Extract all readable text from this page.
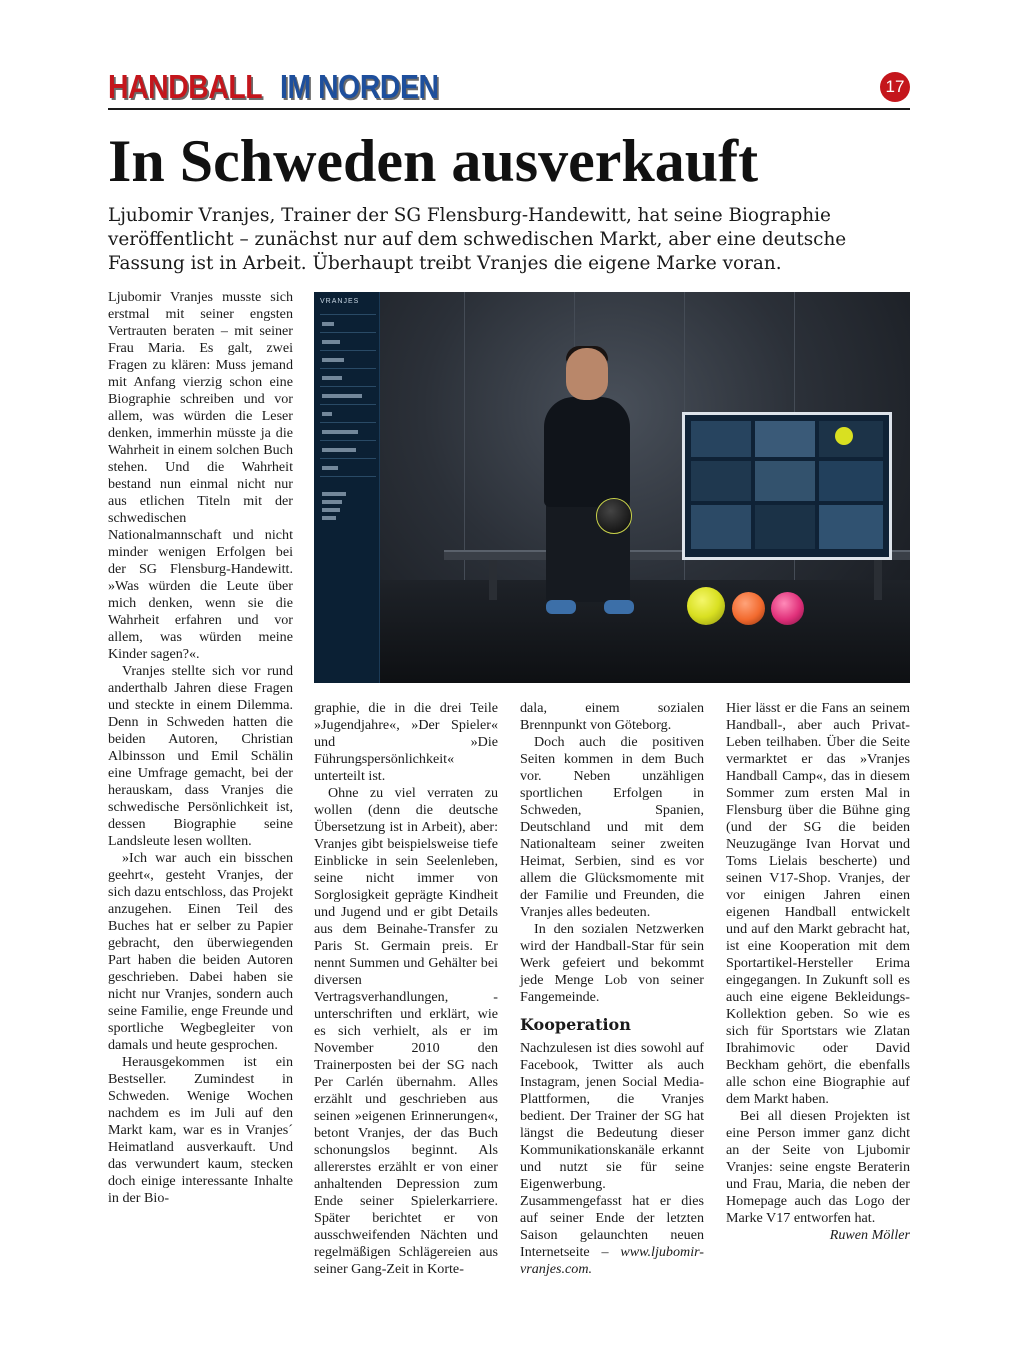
HANDBALL IM NORDEN	17
In Schweden ausverkauft

Ljubomir Vranjes, Trainer der SG Flensburg-Handewitt, hat seine Biographie veröffentlicht – zunächst nur auf dem schwedischen Markt, aber eine deutsche Fassung ist in Arbeit. Überhaupt treibt Vranjes die eigene Marke voran.

Ljubomir Vranjes musste sich erstmal mit seiner engsten Vertrauten beraten – mit seiner Frau Maria. Es galt, zwei Fragen zu klären: Muss jemand mit Anfang vierzig schon eine Biographie schreiben und vor allem, was würden die Leser denken, immerhin müsste ja die Wahrheit in einem solchen Buch stehen. Und die Wahrheit bestand nun einmal nicht nur aus etlichen Titeln mit der schwedischen Nationalmannschaft und nicht minder wenigen Erfolgen bei der SG Flensburg-Handewitt. »Was würden die Leute über mich denken, wenn sie die Wahrheit erfahren und vor allem, was würden meine Kinder sagen?«.

Vranjes stellte sich vor rund anderthalb Jahren diese Fragen und steckte in einem Dilemma. Denn in Schweden hatten die beiden Autoren, Christian Albinsson und Emil Schälin eine Umfrage gemacht, bei der herauskam, dass Vranjes die schwedische Persönlichkeit ist, dessen Biographie seine Landsleute lesen wollten.

»Ich war auch ein bisschen geehrt«, gesteht Vranjes, der sich dazu entschloss, das Projekt anzugehen. Einen Teil des Buches hat er selber zu Papier gebracht, den überwiegenden Part haben die beiden Autoren geschrieben. Dabei haben sie nicht nur Vranjes, sondern auch seine Familie, enge Freunde und sportliche Wegbegleiter von damals und heute gesprochen.

Herausgekommen ist ein Bestseller. Zumindest in Schweden. Wenige Wochen nachdem es im Juli auf den Markt kam, war es in Vranjes´ Heimatland ausverkauft. Und das verwundert kaum, stecken doch einige interessante Inhalte in der Bio-

VRANJES

graphie, die in die drei Teile »Jugendjahre«, »Der Spieler« und »Die Führungspersönlichkeit« unterteilt ist.

Ohne zu viel verraten zu wollen (denn die deutsche Übersetzung ist in Arbeit), aber: Vranjes gibt beispielsweise tiefe Einblicke in sein Seelenleben, seine nicht immer von Sorglosigkeit geprägte Kindheit und Jugend und er gibt Details aus dem Beinahe-Transfer zu Paris St. Germain preis. Er nennt Summen und Gehälter bei diversen Vertragsverhandlungen, -unterschriften und erklärt, wie es sich verhielt, als er im November 2010 den Trainerposten bei der SG nach Per Carlén übernahm. Alles erzählt und geschrieben aus seinen »eigenen Erinnerungen«, betont Vranjes, der das Buch schonungslos beginnt. Als allererstes erzählt er von einer anhaltenden Depression zum Ende seiner Spielerkarriere. Später berichtet er von ausschweifenden Nächten und regelmäßigen Schlägereien aus seiner Gang-Zeit in Korte-

dala, einem sozialen Brennpunkt von Göteborg.

Doch auch die positiven Seiten kommen in dem Buch vor. Neben unzähligen sportlichen Erfolgen in Schweden, Spanien, Deutschland und mit dem Nationalteam seiner zweiten Heimat, Serbien, sind es vor allem die Glücksmomente mit der Familie und Freunden, die Vranjes alles bedeuten.

In den sozialen Netzwerken wird der Handball-Star für sein Werk gefeiert und bekommt jede Menge Lob von seiner Fangemeinde.

Kooperation

Nachzulesen ist dies sowohl auf Facebook, Twitter als auch Instagram, jenen Social Media-Plattformen, die Vranjes bedient. Der Trainer der SG hat längst die Bedeutung dieser Kommunikationskanäle erkannt und nutzt sie für seine Eigenwerbung. Zusammengefasst hat er dies auf seiner Ende der letzten Saison gelaunchten neuen Internetseite – www.ljubomir-vranjes.com.

Hier lässt er die Fans an seinem Handball-, aber auch Privat-Leben teilhaben. Über die Seite vermarktet er das »Vranjes Handball Camp«, das in diesem Sommer zum ersten Mal in Flensburg über die Bühne ging (und der SG die beiden Neuzugänge Ivan Horvat und Toms Lielais bescherte) und seinen V17-Shop. Vranjes, der vor einigen Jahren einen eigenen Handball entwickelt und auf den Markt gebracht hat, ist eine Kooperation mit dem Sportartikel-Hersteller Erima eingegangen. In Zukunft soll es auch eine eigene Bekleidungs-Kollektion geben. So wie es sich für Sportstars wie Zlatan Ibrahimovic oder David Beckham gehört, die ebenfalls alle schon eine Biographie auf dem Markt haben.

Bei all diesen Projekten ist eine Person immer ganz dicht an der Seite von Ljubomir Vranjes: seine engste Beraterin und Frau, Maria, die neben der Homepage auch das Logo der Marke V17 entworfen hat.
Ruwen Möller
